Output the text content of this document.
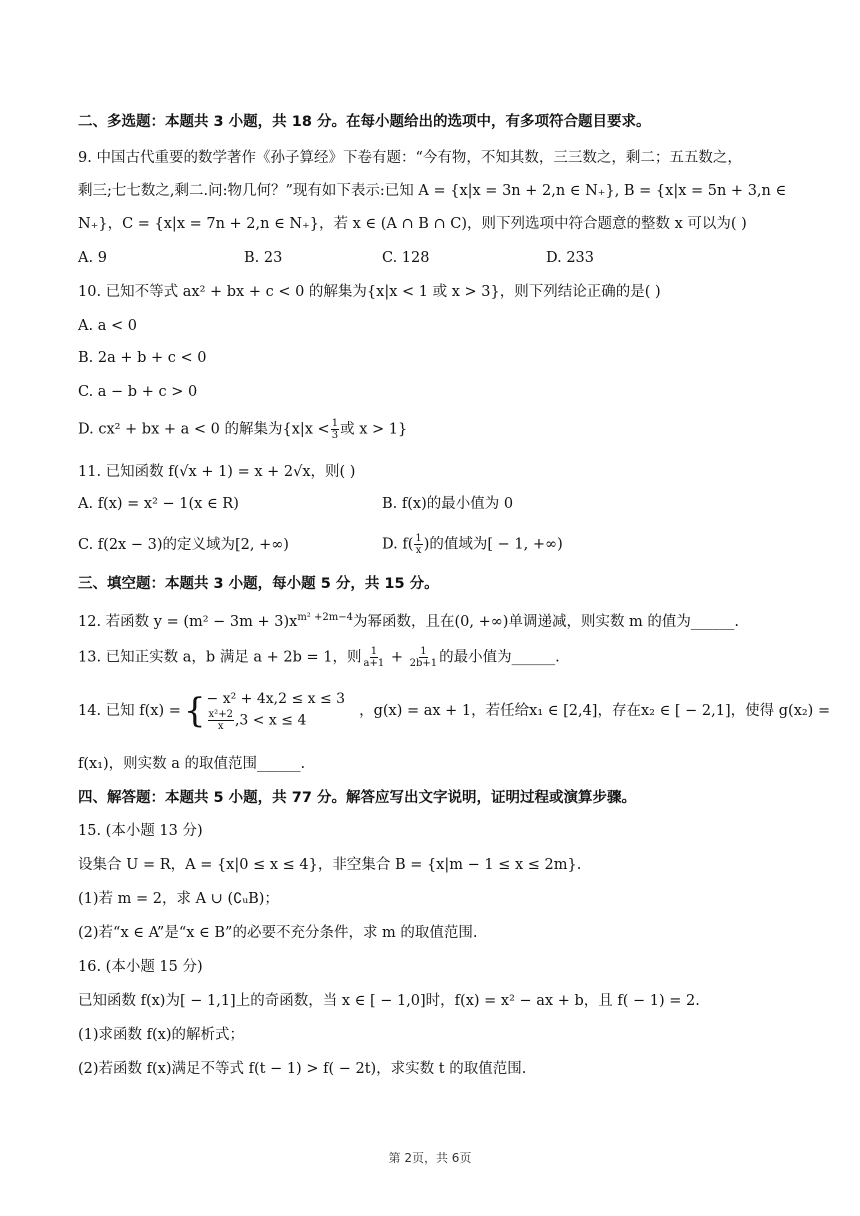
二、多选题：本题共 3 小题，共 18 分。在每小题给出的选项中，有多项符合题目要求。
9. 中国古代重要的数学著作《孙子算经》下卷有题：“今有物，不知其数，三三数之，剩二；五五数之，
剩三;七七数之,剩二.问:物几何？”现有如下表示:已知 A = {x|x = 3n + 2,n ∈ N₊}, B = {x|x = 5n + 3,n ∈
N₊}，C = {x|x = 7n + 2,n ∈ N₊}，若 x ∈ (A ∩ B ∩ C)，则下列选项中符合题意的整数 x 可以为( )
A. 9	B. 23	C. 128	D. 233
10. 已知不等式 ax² + bx + c < 0 的解集为{x|x < 1 或 x > 3}，则下列结论正确的是( )
A. a < 0
B. 2a + b + c < 0
C. a − b + c > 0
D. cx² + bx + a < 0 的解集为{$x|x < \frac{1}{3}$ 或 x > 1}
11. 已知函数 f(√x + 1) = x + 2√x，则( )
A. f(x) = x² − 1(x ∈ R)	B. f(x)的最小值为 0
C. f(2x − 3)的定义域为[2, +∞)	D. $f( \frac{1}{x}$ )的值域为[ − 1, +∞)
三、填空题：本题共 3 小题，每小题 5 分，共 15 分。
12. 若函数 $y = (m^2 - 3m + 3)x^{m^2 +2m-4}$为幂函数，且在(0, +∞)单调递减，则实数 m 的值为______.
13. 已知正实数 a，b 满足 a + 2b = 1，则 $\frac{1}{a+1} + \frac{1}{2b+1}$ 的最小值为______.
14. 已知 f(x) = { − x² + 4x,2 ≤ x ≤ 3
$\frac{\text{x²+2}}{x} ,3 < x \le 4$
，g(x) = ax + 1，若任给x₁ ∈ [2,4]，存在x₂ ∈ [ − 2,1]，使得 g(x₂) =
f(x₁)，则实数 a 的取值范围______.
四、解答题：本题共 5 小题，共 77 分。解答应写出文字说明，证明过程或演算步骤。
15. (本小题 13 分)
设集合 U = R，A = {x|0 ≤ x ≤ 4}，非空集合 B = {x|m − 1 ≤ x ≤ 2m}.
(1)若 m = 2，求 A ∪ (∁ᵤB)；
(2)若“x ∈ A”是“x ∈ B”的必要不充分条件，求 m 的取值范围.
16. (本小题 15 分)
已知函数 f(x)为[ − 1,1]上的奇函数，当 x ∈ [ − 1,0]时，f(x) = x² − ax + b，且 f( − 1) = 2.
(1)求函数 f(x)的解析式；
(2)若函数 f(x)满足不等式 f(t − 1) > f( − 2t)，求实数 t 的取值范围.
第 2页，共 6页
